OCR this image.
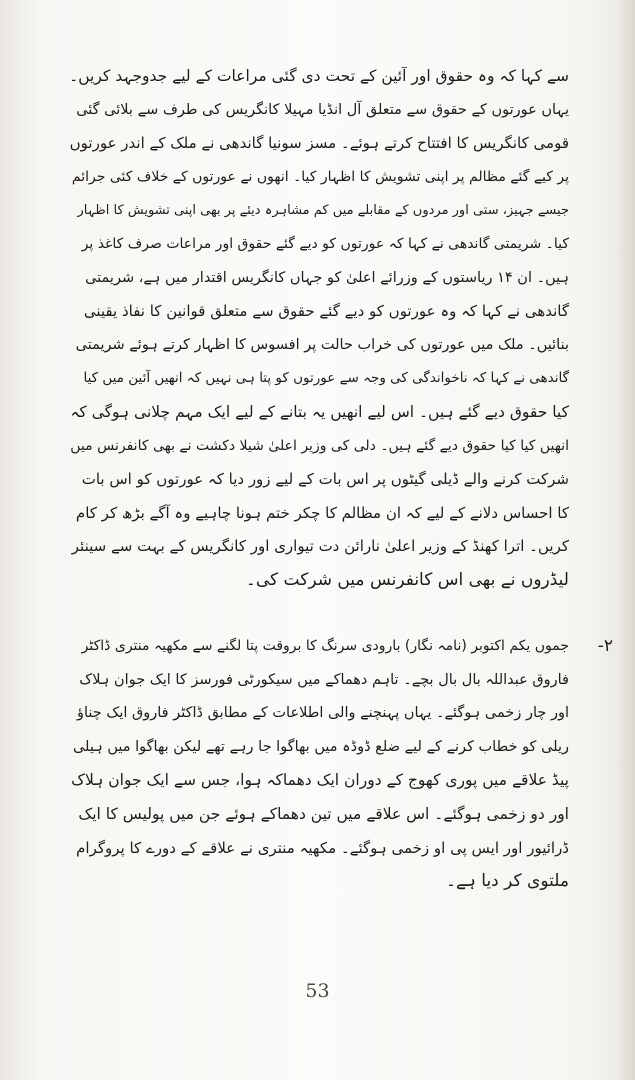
سے کہا کہ وہ حقوق اور آئین کے تحت دی گئی مراعات کے لیے جدوجہد کریں۔
یہاں عورتوں کے حقوق سے متعلق آل انڈیا مہیلا کانگریس کی طرف سے بلائی گئی
قومی کانگریس کا افتتاح کرتے ہوئے۔ مسز سونیا گاندھی نے ملک کے اندر عورتوں
پر کیے گئے مظالم پر اپنی تشویش کا اظہار کیا۔ انھوں نے عورتوں کے خلاف کئی جرائم
جیسے جہیز، ستی اور مردوں کے مقابلے میں کم مشاہرہ دیئے پر بھی اپنی تشویش کا اظہار
کیا۔ شریمتی گاندھی نے کہا کہ عورتوں کو دیے گئے حقوق اور مراعات صرف کاغذ پر
ہیں۔ ان ۱۴ ریاستوں کے وزرائے اعلیٰ کو جہاں کانگریس اقتدار میں ہے، شریمتی
گاندھی نے کہا کہ وہ عورتوں کو دیے گئے حقوق سے متعلق قوانین کا نفاذ یقینی
بنائیں۔ ملک میں عورتوں کی خراب حالت پر افسوس کا اظہار کرتے ہوئے شریمتی
گاندھی نے کہا کہ ناخواندگی کی وجہ سے عورتوں کو پتا ہی نہیں کہ انھیں آئین میں کیا
کیا حقوق دیے گئے ہیں۔ اس لیے انھیں یہ بتانے کے لیے ایک مہم چلانی ہوگی کہ
انھیں کیا کیا حقوق دیے گئے ہیں۔ دلی کی وزیر اعلیٰ شیلا دکشت نے بھی کانفرنس میں
شرکت کرنے والے ڈیلی گیٹوں پر اس بات کے لیے زور دیا کہ عورتوں کو اس بات
کا احساس دلانے کے لیے کہ ان مظالم کا چکر ختم ہونا چاہیے وہ آگے بڑھ کر کام
کریں۔ اترا کھنڈ کے وزیر اعلیٰ نارائن دت تیواری اور کانگریس کے بہت سے سینئر
لیڈروں نے بھی اس کانفرنس میں شرکت کی۔
۲-
جموں یکم اکتوبر (نامہ نگار) بارودی سرنگ کا بروقت پتا لگنے سے مکھیہ منتری ڈاکٹر
فاروق عبداللہ بال بال بچے۔ تاہم دھماکے میں سیکورٹی فورسز کا ایک جوان ہلاک
اور چار زخمی ہوگئے۔ یہاں پہنچنے والی اطلاعات کے مطابق ڈاکٹر فاروق ایک چناؤ
ریلی کو خطاب کرنے کے لیے ضلع ڈوڈہ میں بھاگوا جا رہے تھے لیکن بھاگوا میں ہیلی
پیڈ علاقے میں پوری کھوج کے دوران ایک دھماکہ ہوا، جس سے ایک جوان ہلاک
اور دو زخمی ہوگئے۔ اس علاقے میں تین دھماکے ہوئے جن میں پولیس کا ایک
ڈرائیور اور ایس پی او زخمی ہوگئے۔ مکھیہ منتری نے علاقے کے دورے کا پروگرام
ملتوی کر دیا ہے۔
53
